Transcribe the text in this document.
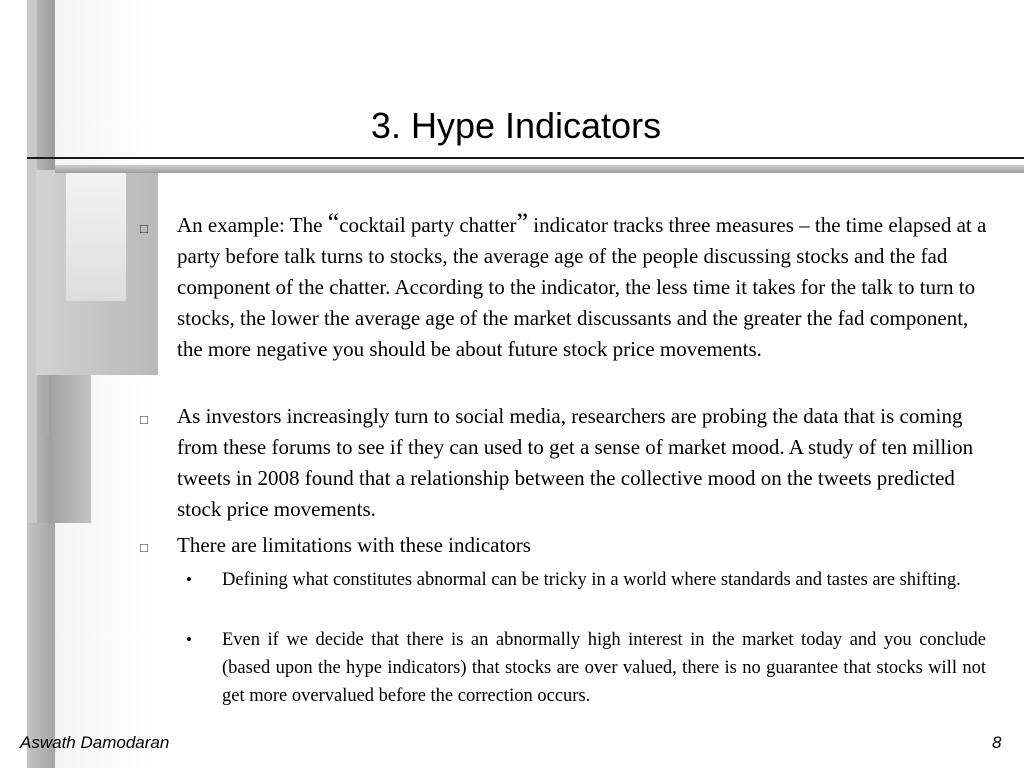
3. Hype Indicators
□ An example: The “cocktail party chatter” indicator tracks three measures – the time elapsed at a party before talk turns to stocks, the average age of the people discussing stocks and the fad component of the chatter. According to the indicator, the less time it takes for the talk to turn to stocks, the lower the average age of the market discussants and the greater the fad component, the more negative you should be about future stock price movements.
□ As investors increasingly turn to social media, researchers are probing the data that is coming from these forums to see if they can used to get a sense of market mood. A study of ten million tweets in 2008 found that a relationship between the collective mood on the tweets predicted stock price movements.
□ There are limitations with these indicators
• Defining what constitutes abnormal can be tricky in a world where standards and tastes are shifting.
• Even if we decide that there is an abnormally high interest in the market today and you conclude (based upon the hype indicators) that stocks are over valued, there is no guarantee that stocks will not get more overvalued before the correction occurs.
Aswath Damodaran	8
